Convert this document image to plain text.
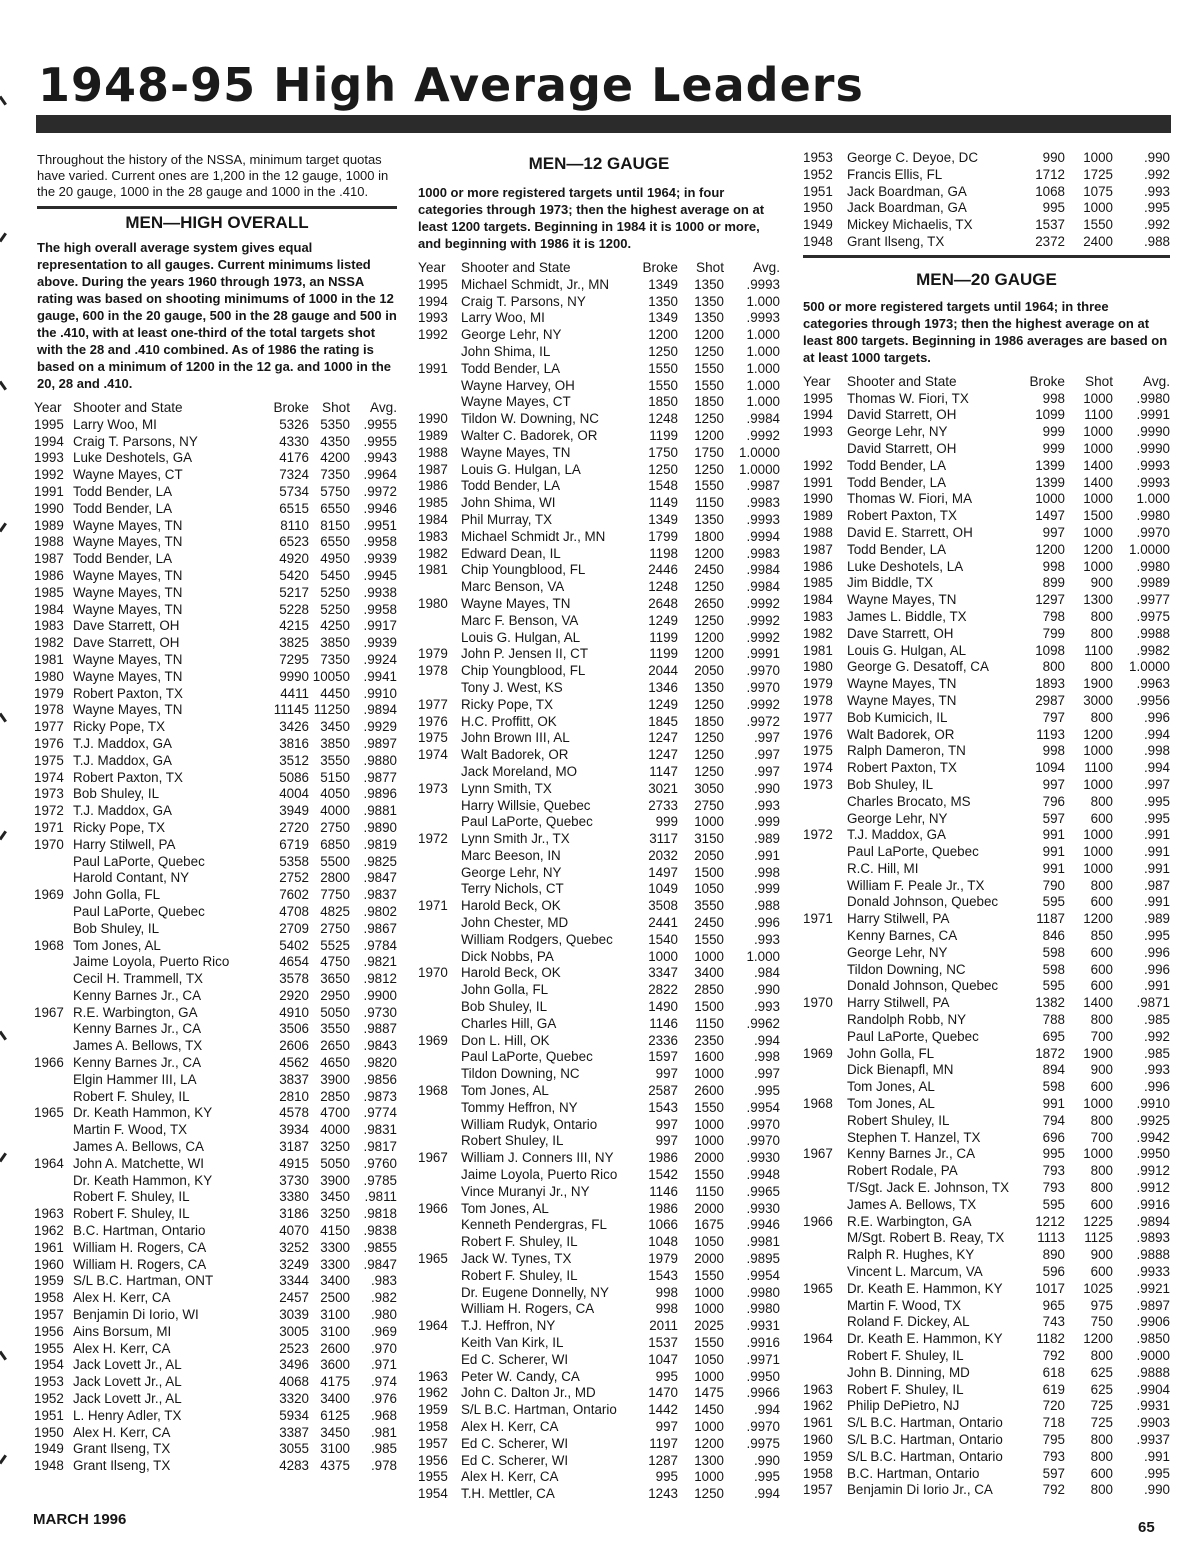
1948-95 High Average Leaders
Throughout the history of the NSSA, minimum target quotas have varied. Current ones are 1,200 in the 12 gauge, 1000 in the 20 gauge, 1000 in the 28 gauge and 1000 in the .410.
MEN—HIGH OVERALL
The high overall average system gives equal representation to all gauges. Current minimums listed above. During the years 1960 through 1973, an NSSA rating was based on shooting minimums of 1000 in the 12 gauge, 600 in the 20 gauge, 500 in the 28 gauge and 500 in the .410, with at least one-third of the total targets shot with the 28 and .410 combined. As of 1986 the rating is based on a minimum of 1200 in the 12 ga. and 1000 in the 20, 28 and .410.
Year Shooter and State	Broke Shot Avg.
1995 Larry Woo, MI	5326 5350 .9955
1994 Craig T. Parsons, NY	4330 4350 .9955
1993 Luke Deshotels, GA	4176 4200 .9943
1992 Wayne Mayes, CT	7324 7350 .9964
1991 Todd Bender, LA	5734 5750 .9972
1990 Todd Bender, LA	6515 6550 .9946
1989 Wayne Mayes, TN	8110 8150 .9951
1988 Wayne Mayes, TN	6523 6550 .9958
1987 Todd Bender, LA	4920 4950 .9939
1986 Wayne Mayes, TN	5420 5450 .9945
1985 Wayne Mayes, TN	5217 5250 .9938
1984 Wayne Mayes, TN	5228 5250 .9958
1983 Dave Starrett, OH	4215 4250 .9917
1982 Dave Starrett, OH	3825 3850 .9939
1981 Wayne Mayes, TN	7295 7350 .9924
1980 Wayne Mayes, TN	9990 10050 .9941
1979 Robert Paxton, TX	4411 4450 .9910
1978 Wayne Mayes, TN	11145 11250 .9894
1977 Ricky Pope, TX	3426 3450 .9929
1976 T.J. Maddox, GA	3816 3850 .9897
1975 T.J. Maddox, GA	3512 3550 .9880
1974 Robert Paxton, TX	5086 5150 .9877
1973 Bob Shuley, IL	4004 4050 .9896
1972 T.J. Maddox, GA	3949 4000 .9881
1971 Ricky Pope, TX	2720 2750 .9890
1970 Harry Stilwell, PA	6719 6850 .9819
Paul LaPorte, Quebec	5358 5500 .9825
Harold Contant, NY	2752 2800 .9847
1969 John Golla, FL	7602 7750 .9837
Paul LaPorte, Quebec	4708 4825 .9802
Bob Shuley, IL	2709 2750 .9867
1968 Tom Jones, AL	5402 5525 .9784
Jaime Loyola, Puerto Rico	4654 4750 .9821
Cecil H. Trammell, TX	3578 3650 .9812
Kenny Barnes Jr., CA	2920 2950 .9900
1967 R.E. Warbington, GA	4910 5050 .9730
Kenny Barnes Jr., CA	3506 3550 .9887
James A. Bellows, TX	2606 2650 .9843
1966 Kenny Barnes Jr., CA	4562 4650 .9820
Elgin Hammer III, LA	3837 3900 .9856
Robert F. Shuley, IL	2810 2850 .9873
1965 Dr. Keath Hammon, KY	4578 4700 .9774
Martin F. Wood, TX	3934 4000 .9831
James A. Bellows, CA	3187 3250 .9817
1964 John A. Matchette, WI	4915 5050 .9760
Dr. Keath Hammon, KY	3730 3900 .9785
Robert F. Shuley, IL	3380 3450 .9811
1963 Robert F. Shuley, IL	3186 3250 .9818
1962 B.C. Hartman, Ontario	4070 4150 .9838
1961 William H. Rogers, CA	3252 3300 .9855
1960 William H. Rogers, CA	3249 3300 .9847
1959 S/L B.C. Hartman, ONT	3344 3400 .983
1958 Alex H. Kerr, CA	2457 2500 .982
1957 Benjamin Di Iorio, WI	3039 3100 .980
1956 Ains Borsum, MI	3005 3100 .969
1955 Alex H. Kerr, CA	2523 2600 .970
1954 Jack Lovett Jr., AL	3496 3600 .971
1953 Jack Lovett Jr., AL	4068 4175 .974
1952 Jack Lovett Jr., AL	3320 3400 .976
1951 L. Henry Adler, TX	5934 6125 .968
1950 Alex H. Kerr, CA	3387 3450 .981
1949 Grant Ilseng, TX	3055 3100 .985
1948 Grant Ilseng, TX	4283 4375 .978
MEN—12 GAUGE
1000 or more registered targets until 1964; in four categories through 1973; then the highest average on at least 1200 targets. Beginning in 1984 it is 1000 or more, and beginning with 1986 it is 1200.
Year Shooter and State	Broke Shot Avg.
1995 Michael Schmidt, Jr., MN	1349 1350 .9993
1994 Craig T. Parsons, NY	1350 1350 1.000
1993 Larry Woo, MI	1349 1350 .9993
1992 George Lehr, NY	1200 1200 1.000
John Shima, IL	1250 1250 1.000
1991 Todd Bender, LA	1550 1550 1.000
Wayne Harvey, OH	1550 1550 1.000
Wayne Mayes, CT	1850 1850 1.000
1990 Tildon W. Downing, NC	1248 1250 .9984
1989 Walter C. Badorek, OR	1199 1200 .9992
1988 Wayne Mayes, TN	1750 1750 1.0000
1987 Louis G. Hulgan, LA	1250 1250 1.0000
1986 Todd Bender, LA	1548 1550 .9987
1985 John Shima, WI	1149 1150 .9983
1984 Phil Murray, TX	1349 1350 .9993
1983 Michael Schmidt Jr., MN	1799 1800 .9994
1982 Edward Dean, IL	1198 1200 .9983
1981 Chip Youngblood, FL	2446 2450 .9984
Marc Benson, VA	1248 1250 .9984
1980 Wayne Mayes, TN	2648 2650 .9992
Marc F. Benson, VA	1249 1250 .9992
Louis G. Hulgan, AL	1199 1200 .9992
1979 John P. Jensen II, CT	1199 1200 .9991
1978 Chip Youngblood, FL	2044 2050 .9970
Tony J. West, KS	1346 1350 .9970
1977 Ricky Pope, TX	1249 1250 .9992
1976 H.C. Proffitt, OK	1845 1850 .9972
1975 John Brown III, AL	1247 1250 .997
1974 Walt Badorek, OR	1247 1250 .997
Jack Moreland, MO	1147 1250 .997
1973 Lynn Smith, TX	3021 3050 .990
Harry Willsie, Quebec	2733 2750 .993
Paul LaPorte, Quebec	999 1000 .999
1972 Lynn Smith Jr., TX	3117 3150 .989
Marc Beeson, IN	2032 2050 .991
George Lehr, NY	1497 1500 .998
Terry Nichols, CT	1049 1050 .999
1971 Harold Beck, OK	3508 3550 .988
John Chester, MD	2441 2450 .996
William Rodgers, Quebec	1540 1550 .993
Dick Nobbs, PA	1000 1000 1.000
1970 Harold Beck, OK	3347 3400 .984
John Golla, FL	2822 2850 .990
Bob Shuley, IL	1490 1500 .993
Charles Hill, GA	1146 1150 .9962
1969 Don L. Hill, OK	2336 2350 .994
Paul LaPorte, Quebec	1597 1600 .998
Tildon Downing, NC	997 1000 .997
1968 Tom Jones, AL	2587 2600 .995
Tommy Heffron, NY	1543 1550 .9954
William Rudyk, Ontario	997 1000 .9970
Robert Shuley, IL	997 1000 .9970
1967 William J. Conners III, NY	1986 2000 .9930
Jaime Loyola, Puerto Rico 1542 1550 .9948
Vince Muranyi Jr., NY	1146 1150 .9965
1966 Tom Jones, AL	1986 2000 .9930
Kenneth Pendergras, FL	1066 1675 .9946
Robert F. Shuley, IL	1048 1050 .9981
1965 Jack W. Tynes, TX	1979 2000 .9895
Robert F. Shuley, IL	1543 1550 .9954
Dr. Eugene Donnelly, NY	998 1000 .9980
William H. Rogers, CA	998 1000 .9980
1964 T.J. Heffron, NY	2011 2025 .9931
Keith Van Kirk, IL	1537 1550 .9916
Ed C. Scherer, WI	1047 1050 .9971
1963 Peter W. Candy, CA	995 1000 .9950
1962 John C. Dalton Jr., MD	1470 1475 .9966
1959 S/L B.C. Hartman, Ontario 1442 1450 .994
1958 Alex H. Kerr, CA	997 1000 .9970
1957 Ed C. Scherer, WI	1197 1200 .9975
1956 Ed C. Scherer, WI	1287 1300 .990
1955 Alex H. Kerr, CA	995 1000 .995
1954 T.H. Mettler, CA	1243 1250 .994
1953 George C. Deyoe, DC	990 1000 .990
1952 Francis Ellis, FL	1712 1725 .992
1951 Jack Boardman, GA	1068 1075 .993
1950 Jack Boardman, GA	995 1000 .995
1949 Mickey Michaelis, TX	1537 1550 .992
1948 Grant Ilseng, TX	2372 2400 .988
MEN—20 GAUGE
500 or more registered targets until 1964; in three categories through 1973; then the highest average on at least 800 targets. Beginning in 1986 averages are based on at least 1000 targets.
Year Shooter and State	Broke Shot Avg.
1995 Thomas W. Fiori, TX	998 1000 .9980
1994 David Starrett, OH	1099 1100 .9991
1993 George Lehr, NY	999 1000 .9990
David Starrett, OH	999 1000 .9990
1992 Todd Bender, LA	1399 1400 .9993
1991 Todd Bender, LA	1399 1400 .9993
1990 Thomas W. Fiori, MA	1000 1000 1.000
1989 Robert Paxton, TX	1497 1500 .9980
1988 David E. Starrett, OH	997 1000 .9970
1987 Todd Bender, LA	1200 1200 1.0000
1986 Luke Deshotels, LA	998 1000 .9980
1985 Jim Biddle, TX	899 900 .9989
1984 Wayne Mayes, TN	1297 1300 .9977
1983 James L. Biddle, TX	798 800 .9975
1982 Dave Starrett, OH	799 800 .9988
1981 Louis G. Hulgan, AL	1098 1100 .9982
1980 George G. Desatoff, CA	800 800 1.0000
1979 Wayne Mayes, TN	1893 1900 .9963
1978 Wayne Mayes, TN	2987 3000 .9956
1977 Bob Kumicich, IL	797 800 .996
1976 Walt Badorek, OR	1193 1200 .994
1975 Ralph Dameron, TN	998 1000 .998
1974 Robert Paxton, TX	1094 1100 .994
1973 Bob Shuley, IL	997 1000 .997
Charles Brocato, MS	796 800 .995
George Lehr, NY	597 600 .995
1972 T.J. Maddox, GA	991 1000 .991
Paul LaPorte, Quebec	991 1000 .991
R.C. Hill, MI	991 1000 .991
William F. Peale Jr., TX	790 800 .987
Donald Johnson, Quebec	595 600 .991
1971 Harry Stilwell, PA	1187 1200 .989
Kenny Barnes, CA	846 850 .995
George Lehr, NY	598 600 .996
Tildon Downing, NC	598 600 .996
Donald Johnson, Quebec	595 600 .991
1970 Harry Stilwell, PA	1382 1400 .9871
Randolph Robb, NY	788 800 .985
Paul LaPorte, Quebec	695 700 .992
1969 John Golla, FL	1872 1900 .985
Dick Bienapfl, MN	894 900 .993
Tom Jones, AL	598 600 .996
1968 Tom Jones, AL	991 1000 .9910
Robert Shuley, IL	794 800 .9925
Stephen T. Hanzel, TX	696 700 .9942
1967 Kenny Barnes Jr., CA	995 1000 .9950
Robert Rodale, PA	793 800 .9912
T/Sgt. Jack E. Johnson, TX	793 800 .9912
James A. Bellows, TX	595 600 .9916
1966 R.E. Warbington, GA	1212 1225 .9894
M/Sgt. Robert B. Reay, TX 1113 1125 .9893
Ralph R. Hughes, KY	890 900 .9888
Vincent L. Marcum, VA	596 600 .9933
1965 Dr. Keath E. Hammon, KY 1017 1025 .9921
Martin F. Wood, TX	965 975 .9897
Roland F. Dickey, AL	743 750 .9906
1964 Dr. Keath E. Hammon, KY	1182 1200 .9850
Robert F. Shuley, IL	792 800 .9000
John B. Dinning, MD	618 625 .9888
1963 Robert F. Shuley, IL	619 625 .9904
1962 Philip DePietro, NJ	720 725 .9931
1961 S/L B.C. Hartman, Ontario	718 725 .9903
1960 S/L B.C. Hartman, Ontario	795 800 .9937
1959 S/L B.C. Hartman, Ontario	793 800 .991
1958 B.C. Hartman, Ontario	597 600 .995
1957 Benjamin Di Iorio Jr., CA	792 800 .990
MARCH 1996	65
